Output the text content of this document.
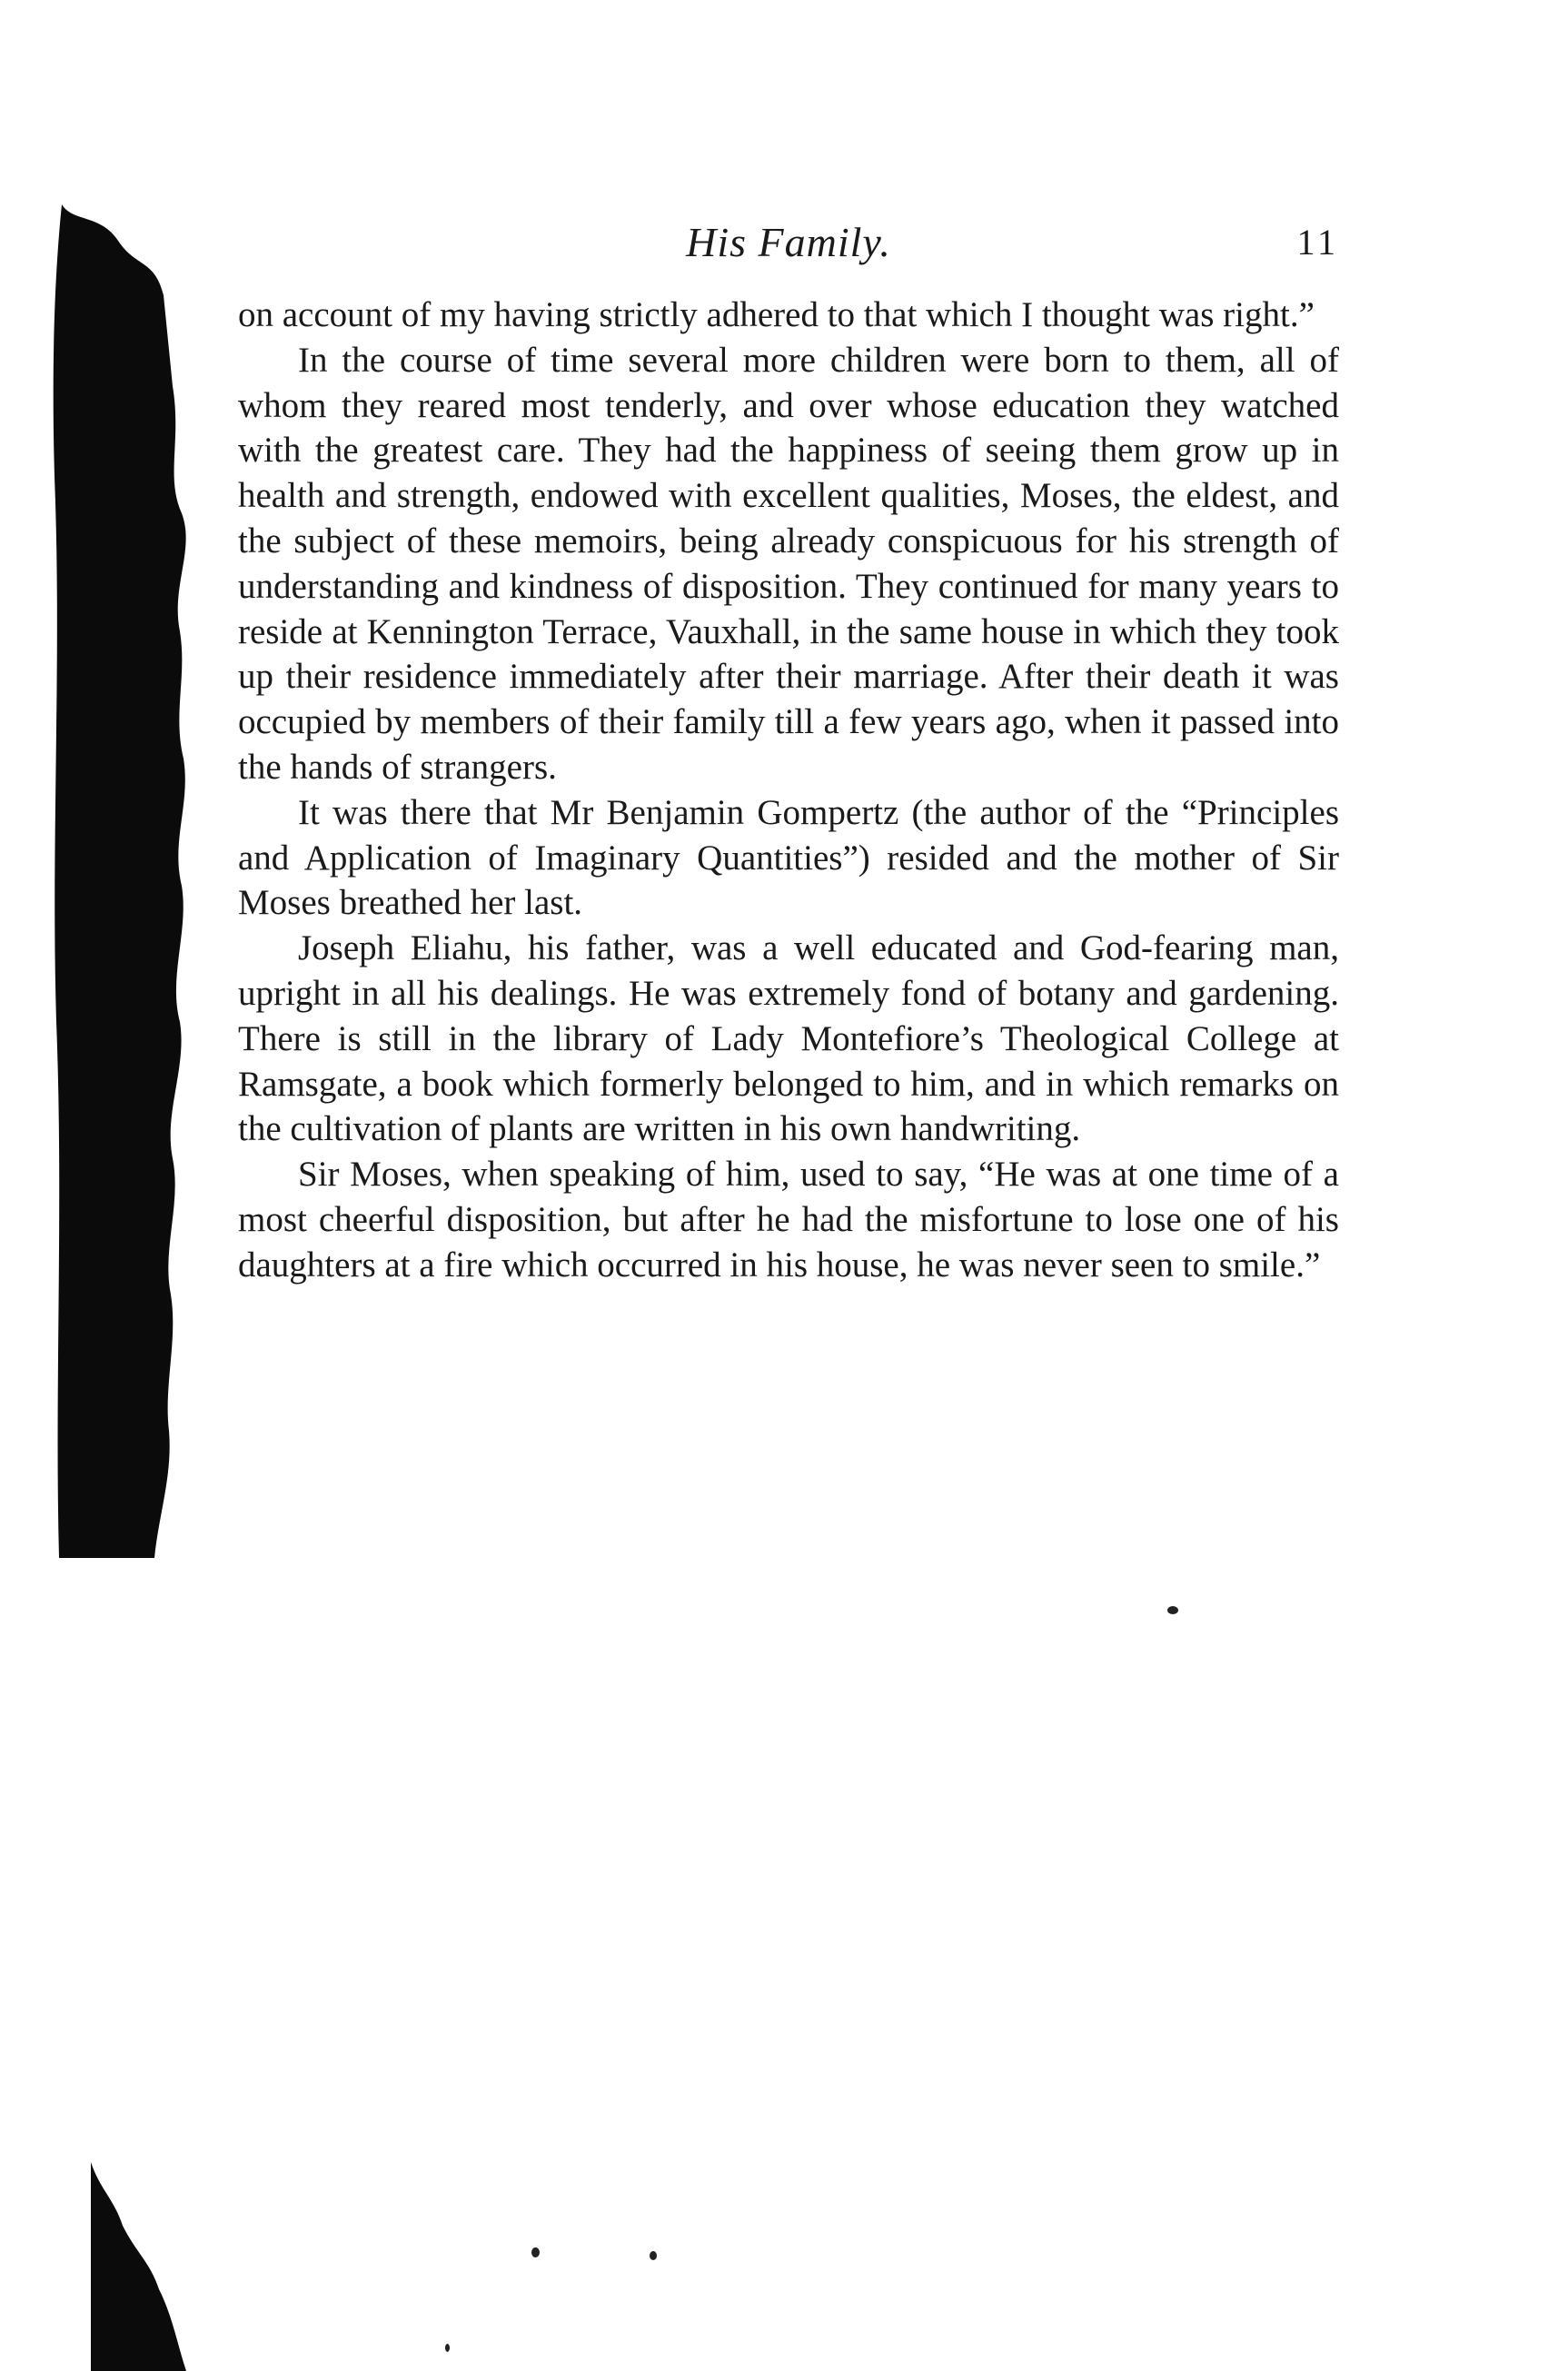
His Family.	11

on account of my having strictly adhered to that which I thought was right.”

In the course of time several more children were born to them, all of whom they reared most tenderly, and over whose education they watched with the greatest care. They had the happiness of seeing them grow up in health and strength, endowed with excellent qualities, Moses, the eldest, and the subject of these memoirs, being already conspicuous for his strength of understanding and kindness of disposition. They continued for many years to reside at Kennington Terrace, Vauxhall, in the same house in which they took up their residence immediately after their marriage. After their death it was occupied by members of their family till a few years ago, when it passed into the hands of strangers.

It was there that Mr Benjamin Gompertz (the author of the “Principles and Application of Imaginary Quantities”) resided and the mother of Sir Moses breathed her last.

Joseph Eliahu, his father, was a well educated and God-fearing man, upright in all his dealings. He was extremely fond of botany and gardening. There is still in the library of Lady Montefiore’s Theological College at Ramsgate, a book which formerly belonged to him, and in which remarks on the cultivation of plants are written in his own handwriting.

Sir Moses, when speaking of him, used to say, “He was at one time of a most cheerful disposition, but after he had the misfortune to lose one of his daughters at a fire which occurred in his house, he was never seen to smile.”
